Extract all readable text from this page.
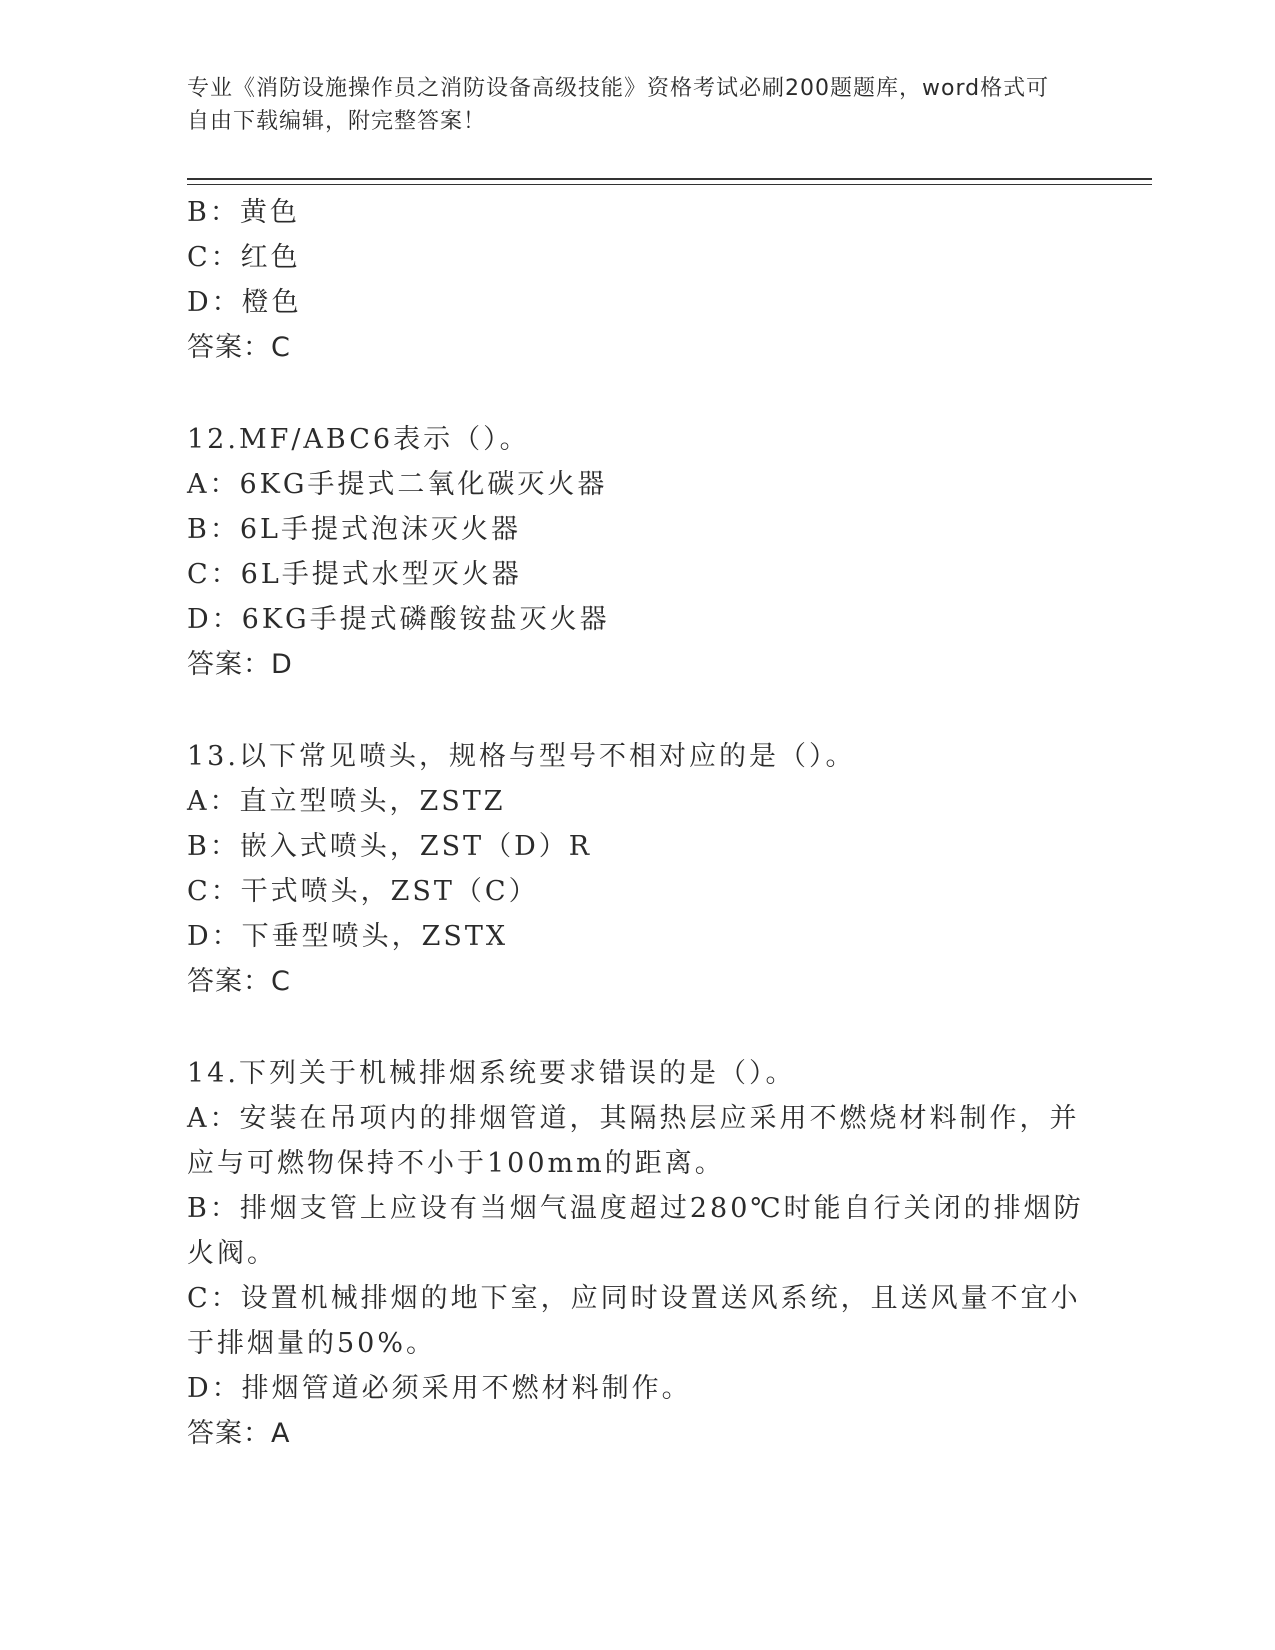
专业《消防设施操作员之消防设备高级技能》资格考试必刷200题题库，word格式可自由下载编辑，附完整答案！
B：黄色
C：红色
D：橙色
答案：C
12.MF/ABC6表示（）。
A：6KG手提式二氧化碳灭火器
B：6L手提式泡沫灭火器
C：6L手提式水型灭火器
D：6KG手提式磷酸铵盐灭火器
答案：D
13.以下常见喷头，规格与型号不相对应的是（）。
A：直立型喷头，ZSTZ
B：嵌入式喷头，ZST（D）R
C：干式喷头，ZST（C）
D：下垂型喷头，ZSTX
答案：C
14.下列关于机械排烟系统要求错误的是（）。
A：安装在吊项内的排烟管道，其隔热层应采用不燃烧材料制作，并应与可燃物保持不小于100mm的距离。
B：排烟支管上应设有当烟气温度超过280℃时能自行关闭的排烟防火阀。
C：设置机械排烟的地下室，应同时设置送风系统，且送风量不宜小于排烟量的50%。
D：排烟管道必须采用不燃材料制作。
答案：A
